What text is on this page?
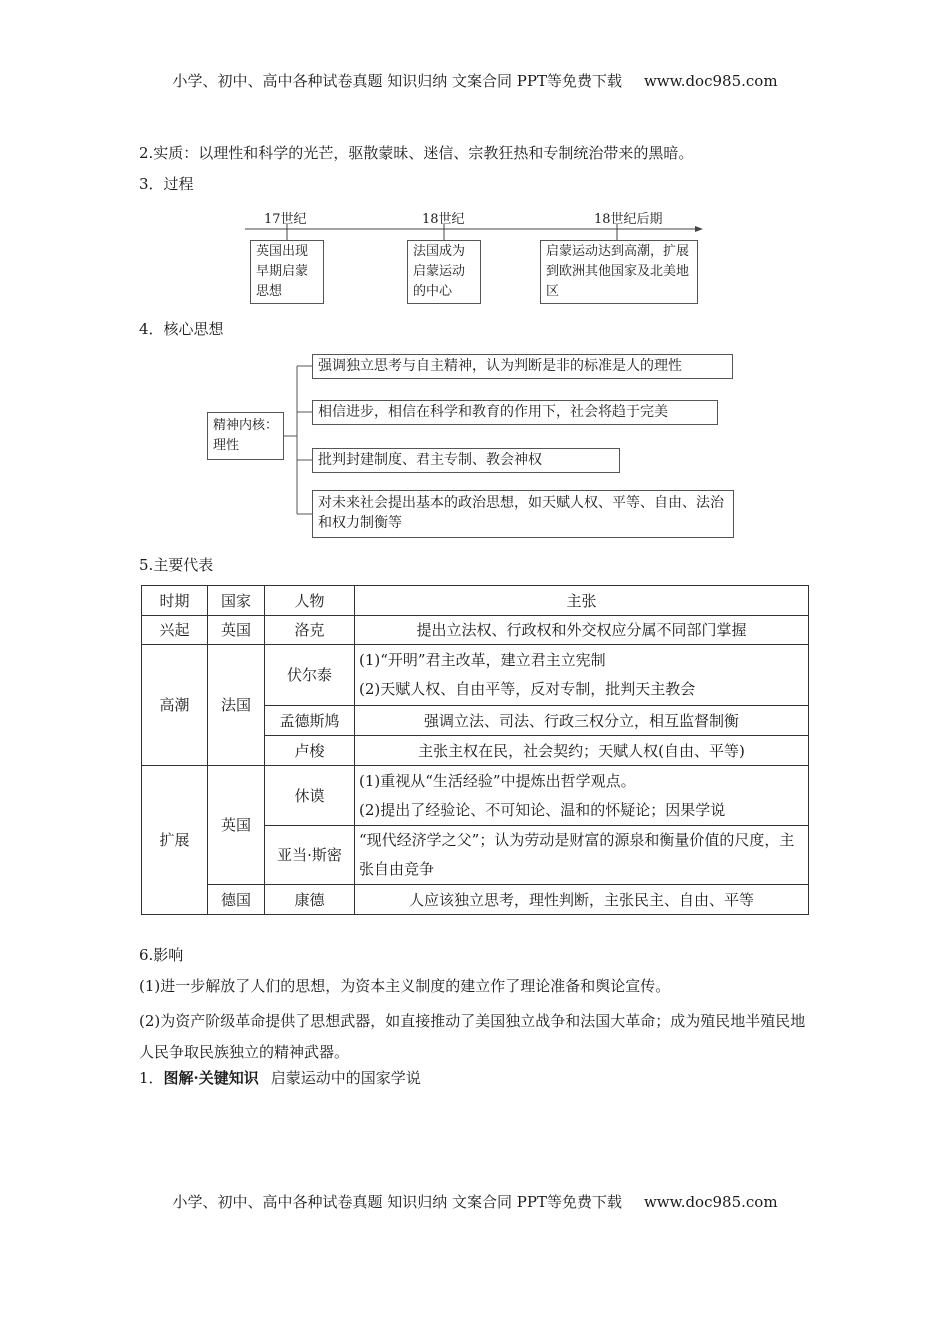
小学、初中、高中各种试卷真题 知识归纳 文案合同 PPT等免费下载 www.doc985.com
2.实质：以理性和科学的光芒，驱散蒙昧、迷信、宗教狂热和专制统治带来的黑暗。
3．过程
17世纪	18世纪	18世纪后期
英国出现早期启蒙思想
法国成为启蒙运动的中心
启蒙运动达到高潮，扩展到欧洲其他国家及北美地区
4．核心思想
精神内核：理性
强调独立思考与自主精神，认为判断是非的标准是人的理性
相信进步，相信在科学和教育的作用下，社会将趋于完美
批判封建制度、君主专制、教会神权
对未来社会提出基本的政治思想，如天赋人权、平等、自由、法治和权力制衡等
5.主要代表
时期	国家	人物	主张
兴起	英国	洛克	提出立法权、行政权和外交权应分属不同部门掌握
高潮	法国	伏尔泰	(1)“开明”君主改革，建立君主立宪制
(2)天赋人权、自由平等，反对专制，批判天主教会

		孟德斯鸠	强调立法、司法、行政三权分立，相互监督制衡
		卢梭	主张主权在民，社会契约；天赋人权(自由、平等)
扩展	英国	休谟	(1)重视从“生活经验”中提炼出哲学观点。
(2)提出了经验论、不可知论、温和的怀疑论；因果学说

		亚当·斯密	“现代经济学之父”；认为劳动是财富的源泉和衡量价值的尺度，主张自由竞争
	德国	康德	人应该独立思考，理性判断，主张民主、自由、平等
6.影响
(1)进一步解放了人们的思想，为资本主义制度的建立作了理论准备和舆论宣传。
(2)为资产阶级革命提供了思想武器，如直接推动了美国独立战争和法国大革命；成为殖民地半殖民地人民争取民族独立的精神武器。
1．图解·关键知识 启蒙运动中的国家学说
小学、初中、高中各种试卷真题 知识归纳 文案合同 PPT等免费下载 www.doc985.com
